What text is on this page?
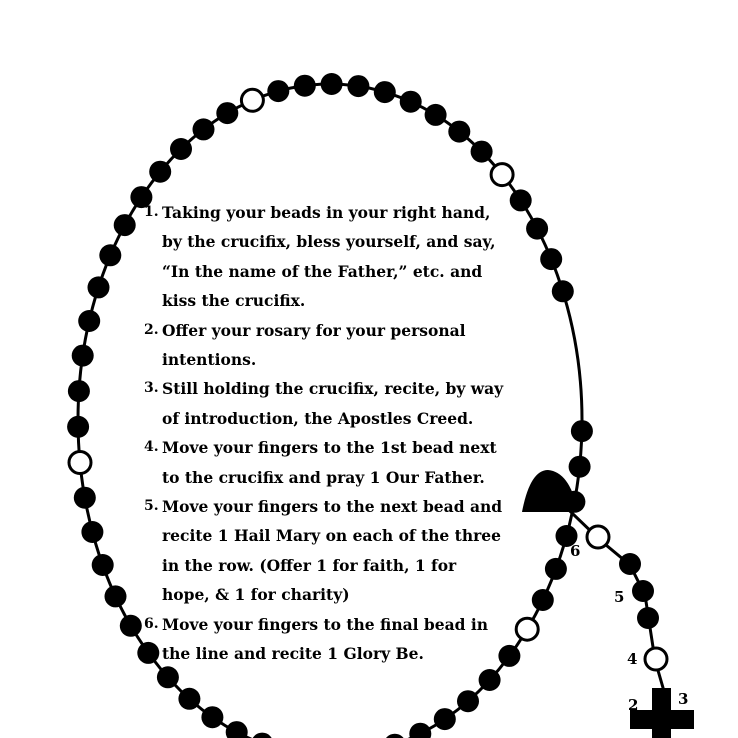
1. Taking your beads in your right hand, by the crucifix, bless yourself, and say, “In the name of the Father,” etc. and kiss the crucifix.
2. Offer your rosary for your personal intentions.
3. Still holding the crucifix, recite, by way of introduction, the Apostles Creed.
4. Move your fingers to the 1st bead next to the crucifix and pray 1 Our Father.
5. Move your fingers to the next bead and recite 1 Hail Mary on each of the three in the row. (Offer 1 for faith, 1 for hope, & 1 for charity)
6. Move your fingers to the final bead in the line and recite 1 Glory Be.
6
5
4
3
2
